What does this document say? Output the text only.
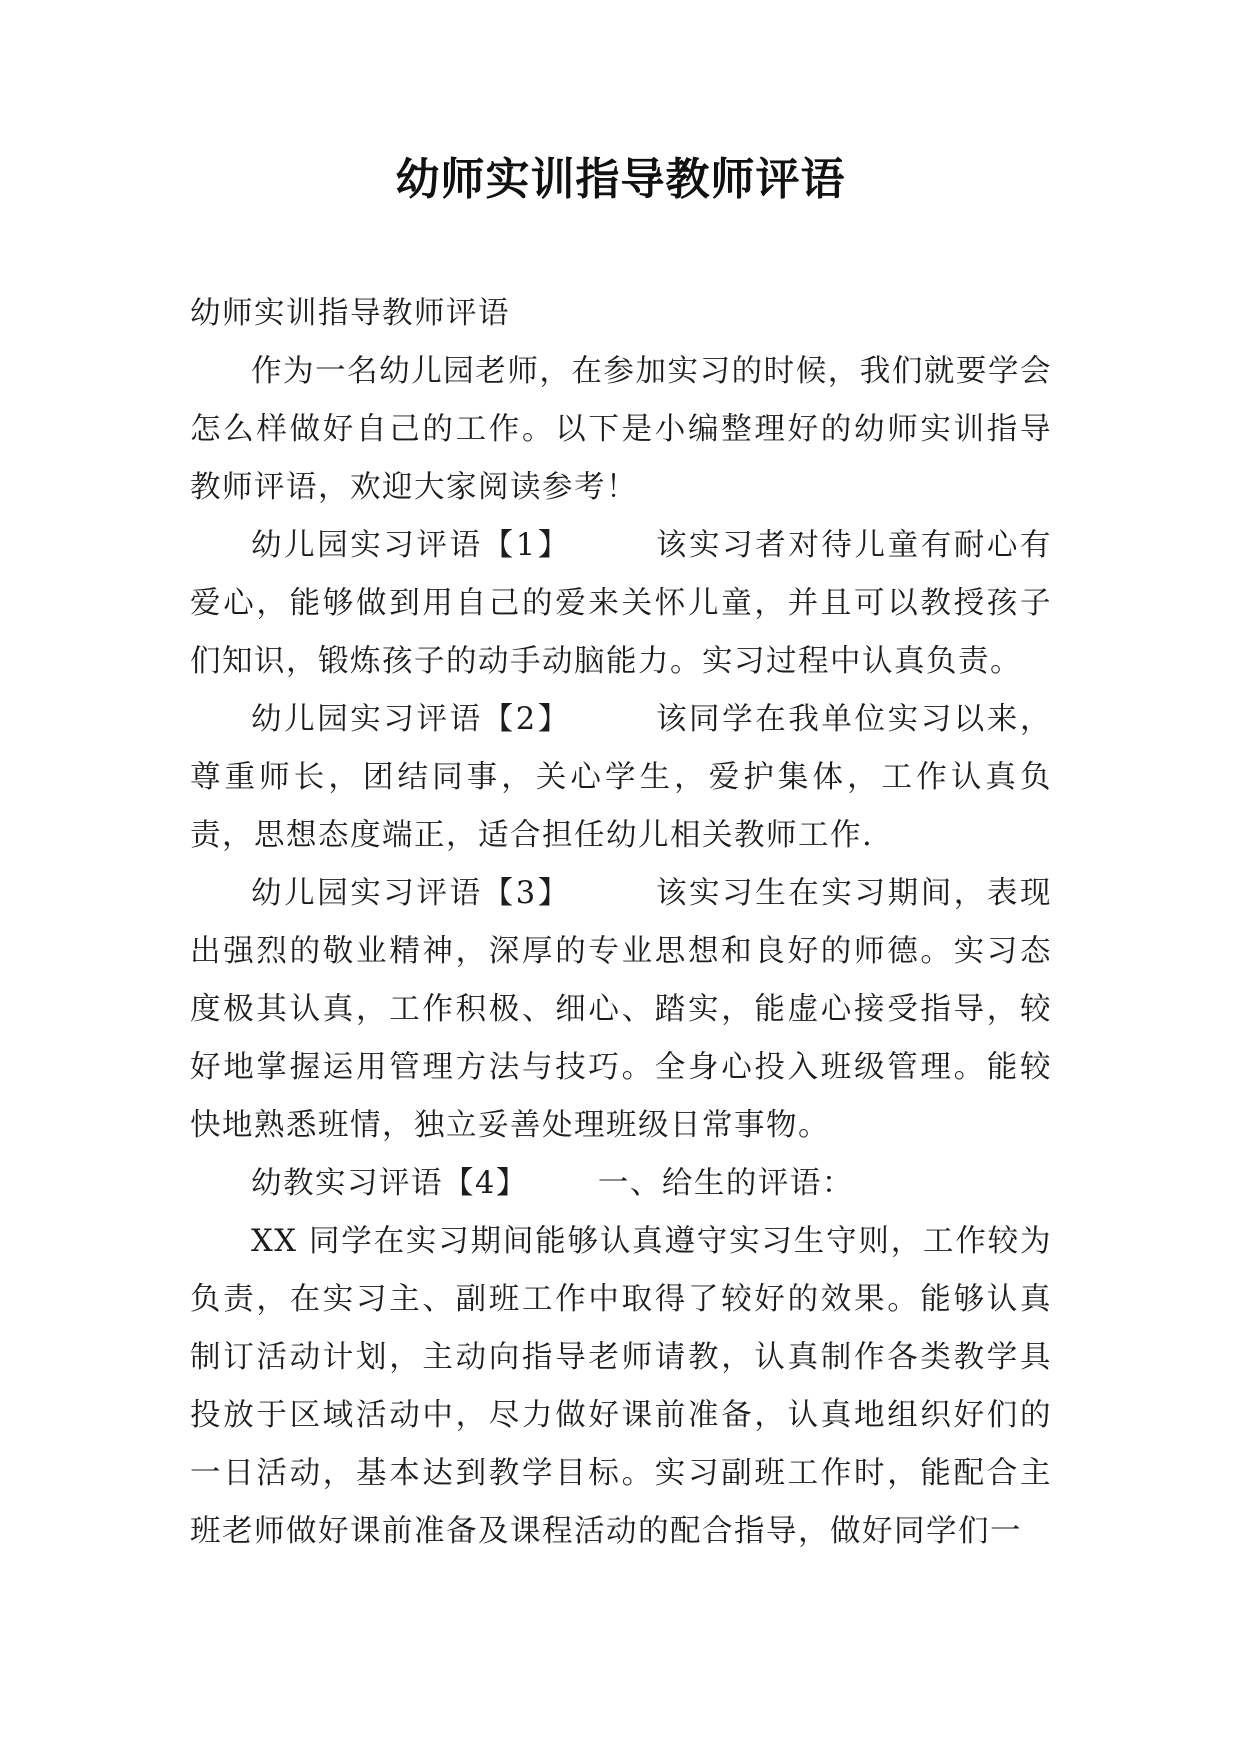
幼师实训指导教师评语

幼师实训指导教师评语

作为一名幼儿园老师，在参加实习的时候，我们就要学会怎么样做好自己的工作。以下是小编整理好的幼师实训指导教师评语，欢迎大家阅读参考！

幼儿园实习评语【1】	该实习者对待儿童有耐心有爱心，能够做到用自己的爱来关怀儿童，并且可以教授孩子们知识，锻炼孩子的动手动脑能力。实习过程中认真负责。

幼儿园实习评语【2】	该同学在我单位实习以来，尊重师长，团结同事，关心学生，爱护集体，工作认真负责，思想态度端正，适合担任幼儿相关教师工作.

幼儿园实习评语【3】	该实习生在实习期间，表现出强烈的敬业精神，深厚的专业思想和良好的师德。实习态度极其认真，工作积极、细心、踏实，能虚心接受指导，较好地掌握运用管理方法与技巧。全身心投入班级管理。能较快地熟悉班情，独立妥善处理班级日常事物。

幼教实习评语【4】 一、给生的评语：

XX 同学在实习期间能够认真遵守实习生守则，工作较为负责，在实习主、副班工作中取得了较好的效果。能够认真制订活动计划，主动向指导老师请教，认真制作各类教学具投放于区域活动中，尽力做好课前准备，认真地组织好们的一日活动，基本达到教学目标。实习副班工作时，能配合主班老师做好课前准备及课程活动的配合指导，做好同学们一
